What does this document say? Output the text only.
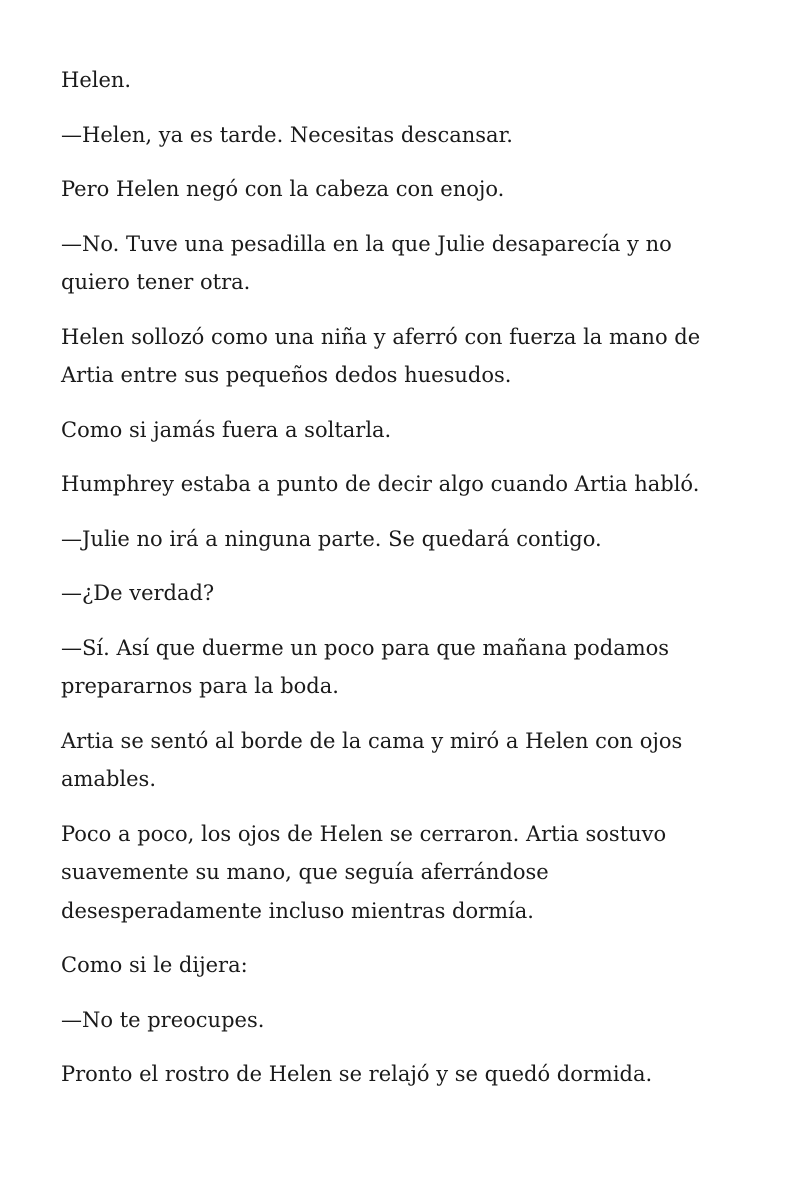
Helen.

—Helen, ya es tarde. Necesitas descansar.

Pero Helen negó con la cabeza con enojo.

—No. Tuve una pesadilla en la que Julie desaparecía y no quiero tener otra.

Helen sollozó como una niña y aferró con fuerza la mano de Artia entre sus pequeños dedos huesudos.

Como si jamás fuera a soltarla.

Humphrey estaba a punto de decir algo cuando Artia habló.

—Julie no irá a ninguna parte. Se quedará contigo.

—¿De verdad?

—Sí. Así que duerme un poco para que mañana podamos prepararnos para la boda.

Artia se sentó al borde de la cama y miró a Helen con ojos amables.

Poco a poco, los ojos de Helen se cerraron. Artia sostuvo suavemente su mano, que seguía aferrándose desesperadamente incluso mientras dormía.

Como si le dijera:

—No te preocupes.

Pronto el rostro de Helen se relajó y se quedó dormida.
